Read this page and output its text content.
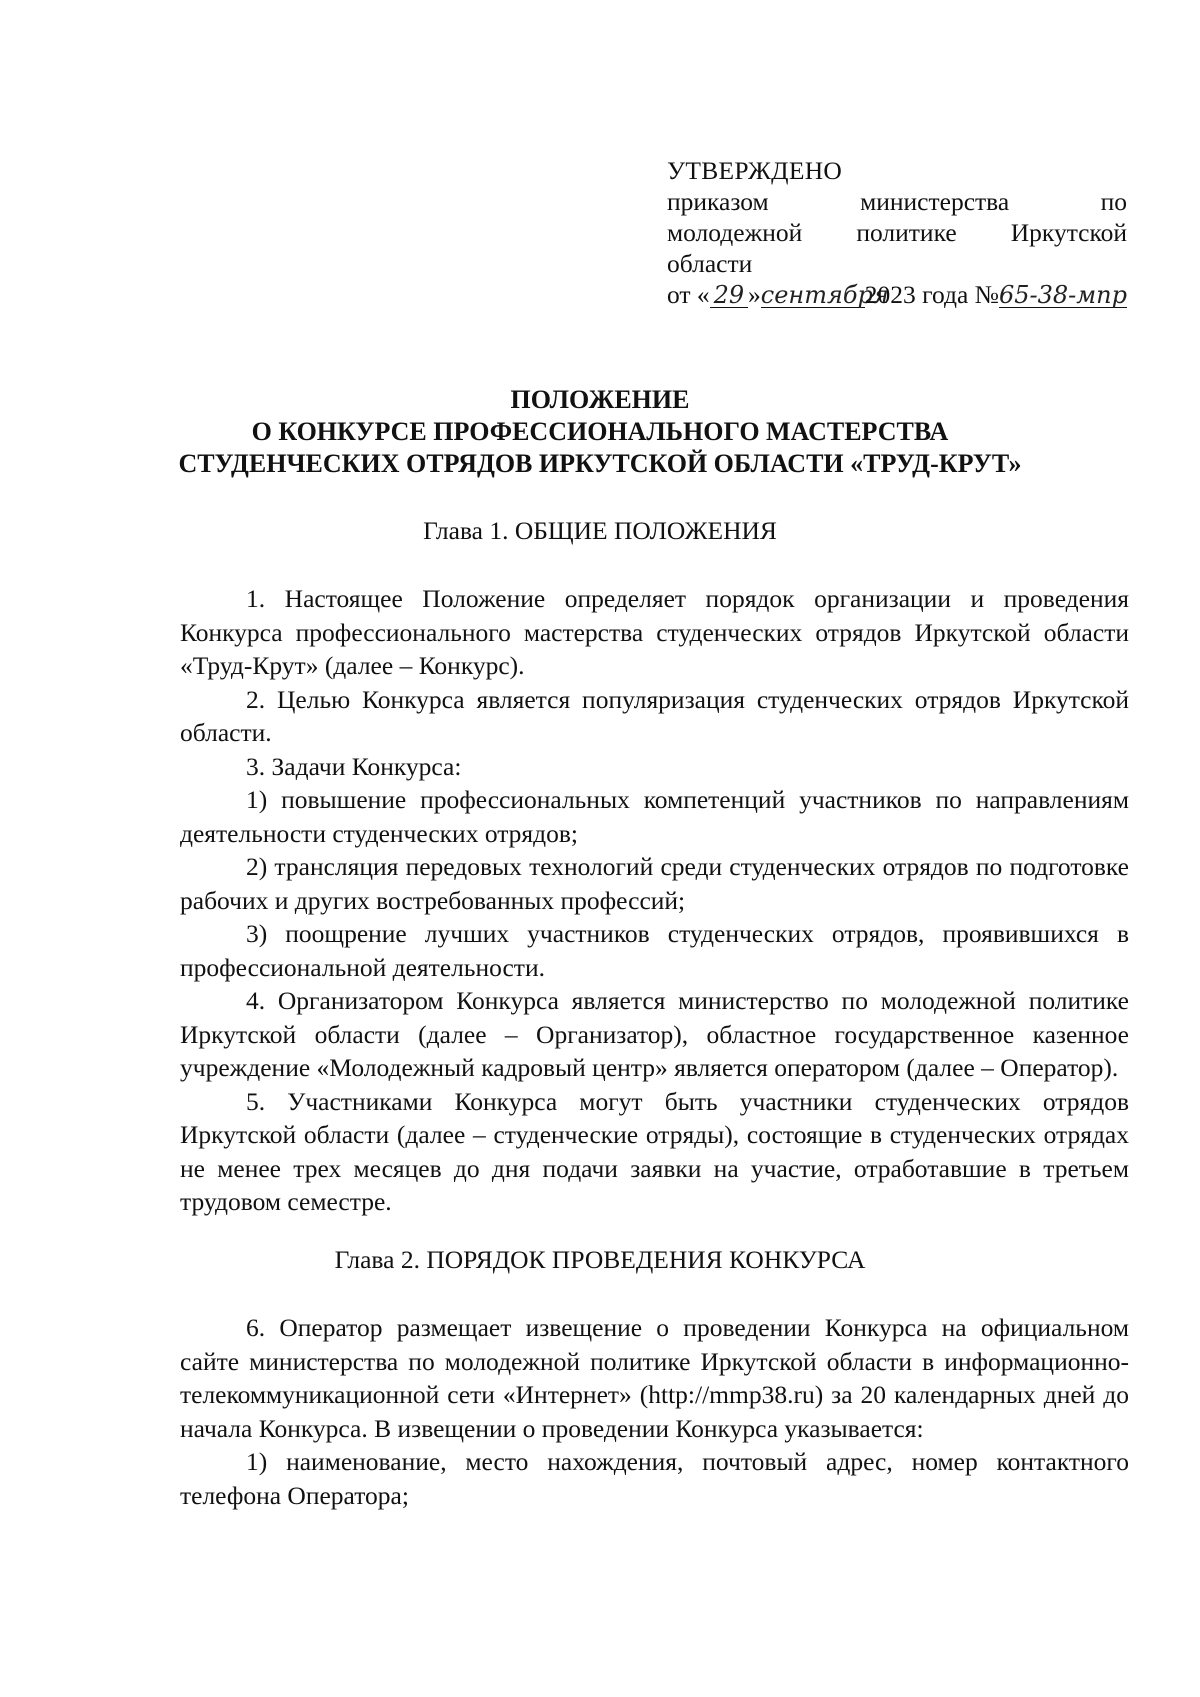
УТВЕРЖДЕНО
приказом	министерства	по
молодежной политике Иркутской
области
от « 29 » сентября
2023 года № 65-38-мпр
ПОЛОЖЕНИЕ
О КОНКУРСЕ ПРОФЕССИОНАЛЬНОГО МАСТЕРСТВА
СТУДЕНЧЕСКИХ ОТРЯДОВ ИРКУТСКОЙ ОБЛАСТИ «ТРУД-КРУТ»
Глава 1. ОБЩИЕ ПОЛОЖЕНИЯ

1. Настоящее Положение определяет порядок организации и проведения Конкурса профессионального мастерства студенческих отрядов Иркутской области «Труд-Крут» (далее – Конкурс).

2. Целью Конкурса является популяризация студенческих отрядов Иркутской области.

3. Задачи Конкурса:

1) повышение профессиональных компетенций участников по направлениям деятельности студенческих отрядов;

2) трансляция передовых технологий среди студенческих отрядов по подготовке рабочих и других востребованных профессий;

3) поощрение лучших участников студенческих отрядов, проявившихся в профессиональной деятельности.

4. Организатором Конкурса является министерство по молодежной политике Иркутской области (далее – Организатор), областное государственное казенное учреждение «Молодежный кадровый центр» является оператором (далее – Оператор).

5. Участниками Конкурса могут быть участники студенческих отрядов Иркутской области (далее – студенческие отряды), состоящие в студенческих отрядах не менее трех месяцев до дня подачи заявки на участие, отработавшие в третьем трудовом семестре.

Глава 2. ПОРЯДОК ПРОВЕДЕНИЯ КОНКУРСА

6. Оператор размещает извещение о проведении Конкурса на официальном сайте министерства по молодежной политике Иркутской области в информационно-телекоммуникационной сети «Интернет» (http://mmp38.ru) за 20 календарных дней до начала Конкурса. В извещении о проведении Конкурса указывается:

1) наименование, место нахождения, почтовый адрес, номер контактного телефона Оператора;
